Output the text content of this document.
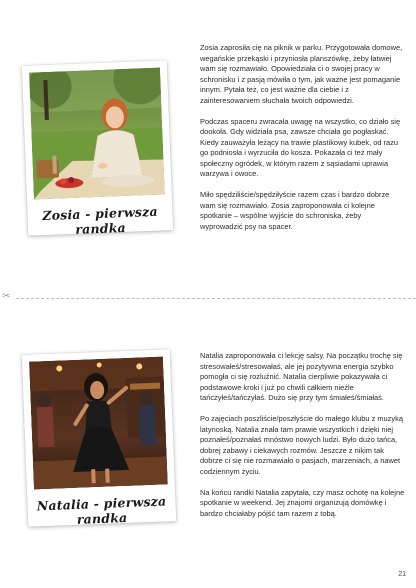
Zosia - pierwsza randka

Zosia zaprosiła cię na piknik w parku. Przygotowała domowe, wegańskie przekąski i przyniosła planszówkę, żeby łatwiej wam się rozmawiało. Opowiedziała ci o swojej pracy w schronisku i z pasją mówiła o tym, jak ważne jest pomaganie innym. Pytała też, co jest ważne dla ciebie i z zainteresowaniem słuchała twoich odpowiedzi.

Podczas spaceru zwracała uwagę na wszystko, co działo się dookoła. Gdy widziała psa, zawsze chciała go pogłaskać. Kiedy zauważyła leżący na trawie plastikowy kubek, od razu go podniosła i wyrzuciła do kosza. Pokazała ci też mały społeczny ogródek, w którym razem z sąsiadami uprawia warzywa i owoce.

Miło spędziliście/spędziłyście razem czas i bardzo dobrze wam się rozmawiało. Zosia zaproponowała ci kolejne spotkanie – wspólne wyjście do schroniska, żeby wyprowadzić psy na spacer.

✂
Natalia - pierwsza randka

Natalia zaproponowała ci lekcję salsy. Na początku trochę się stresowałeś/stresowałaś, ale jej pozytywna energia szybko pomogła ci się rozluźnić. Natalia cierpliwie pokazywała ci podstawowe kroki i już po chwili całkiem nieźle tańczyłeś/tańczyłaś. Dużo się przy tym śmiałeś/śmiałaś.

Po zajęciach poszliście/poszłyście do małego klubu z muzyką latynoską. Natalia znała tam prawie wszystkich i dzięki niej poznałeś/poznałaś mnóstwo nowych ludzi. Było dużo tańca, dobrej zabawy i ciekawych rozmów. Jeszcze z nikim tak dobrze ci się nie rozmawiało o pasjach, marzeniach, a nawet codziennym życiu.

Na końcu randki Natalia zapytała, czy masz ochotę na kolejne spotkanie w weekend. Jej znajomi organizują domówkę i bardzo chciałaby pójść tam razem z tobą.

21
